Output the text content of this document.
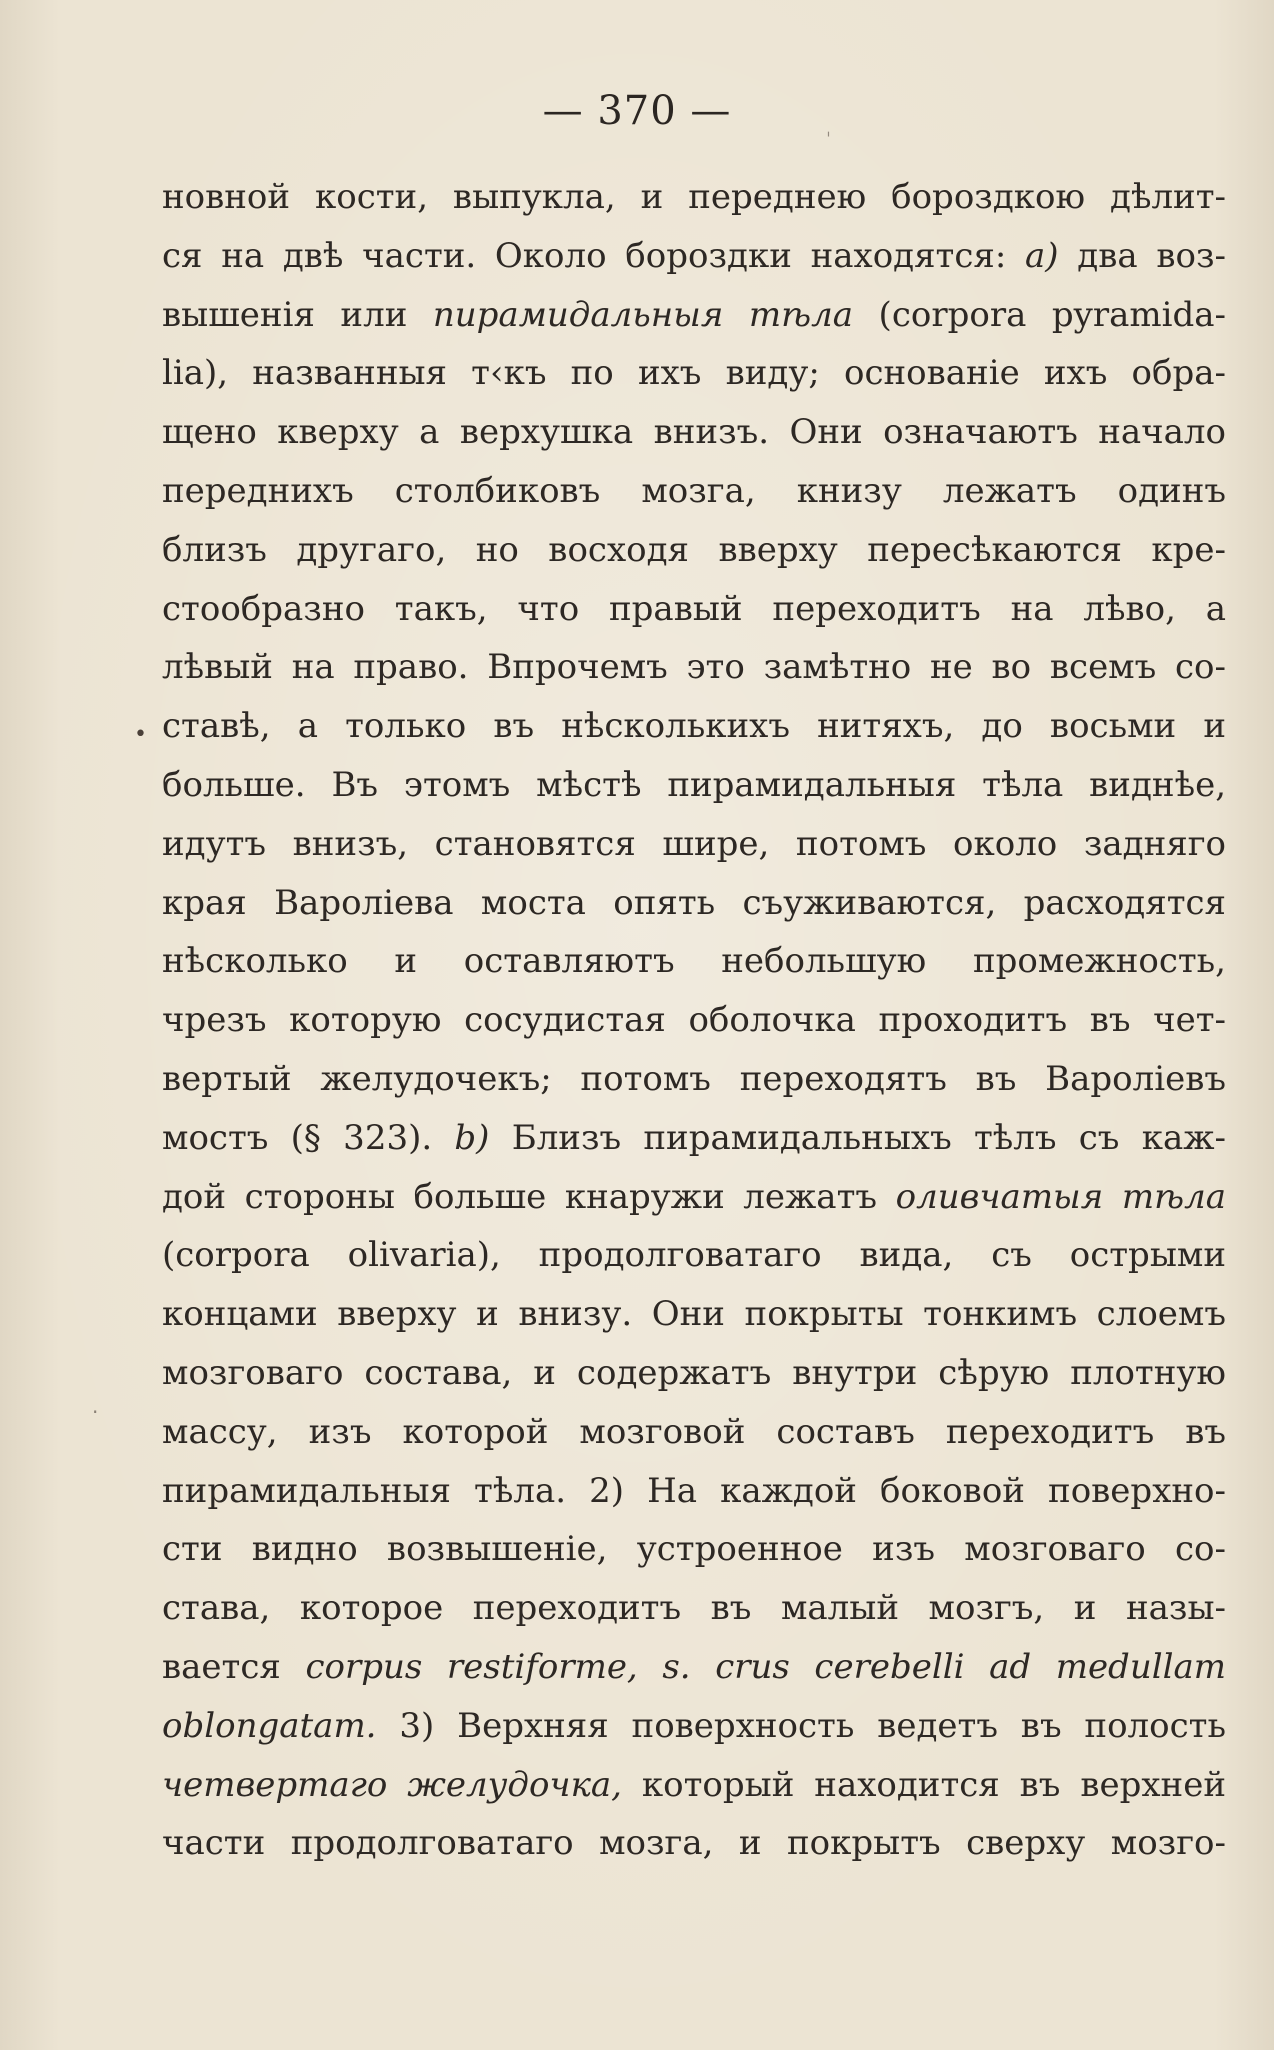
— 370 —
•
·
ˌ
новной кости, выпукла, и переднею бороздкою дѣлит-
ся на двѣ части. Около бороздки находятся: a) два воз-
вышенія или пирамидальныя тѣла (corpora pyramida-
lia), названныя т‹къ по ихъ виду; основаніе ихъ обра-
щено кверху а верхушка внизъ. Они означаютъ начало
переднихъ столбиковъ мозга, книзу лежатъ одинъ
близъ другаго, но восходя вверху пересѣкаются кре-
стообразно такъ, что правый переходитъ на лѣво, а
лѣвый на право. Впрочемъ это замѣтно не во всемъ со-
ставѣ, а только въ нѣсколькихъ нитяхъ, до восьми и
больше. Въ этомъ мѣстѣ пирамидальныя тѣла виднѣе,
идутъ внизъ, становятся шире, потомъ около задняго
края Вароліева моста опять съуживаются, расходятся
нѣсколько и оставляютъ небольшую промежность,
чрезъ которую сосудистая оболочка проходитъ въ чет-
вертый желудочекъ; потомъ переходятъ въ Вароліевъ
мостъ (§ 323). b) Близъ пирамидальныхъ тѣлъ съ каж-
дой стороны больше кнаружи лежатъ оливчатыя тѣла
(corpora olivaria), продолговатаго вида, съ острыми
концами вверху и внизу. Они покрыты тонкимъ слоемъ
мозговаго состава, и содержатъ внутри сѣрую плотную
массу, изъ которой мозговой составъ переходитъ въ
пирамидальныя тѣла. 2) На каждой боковой поверхно-
сти видно возвышеніе, устроенное изъ мозговаго со-
става, которое переходитъ въ малый мозгъ, и назы-
вается corpus restiforme, s. crus cerebelli ad medullam
oblongatam. 3) Верхняя поверхность ведетъ въ полость
четвертаго желудочка, который находится въ верхней
части продолговатаго мозга, и покрытъ сверху мозго-
